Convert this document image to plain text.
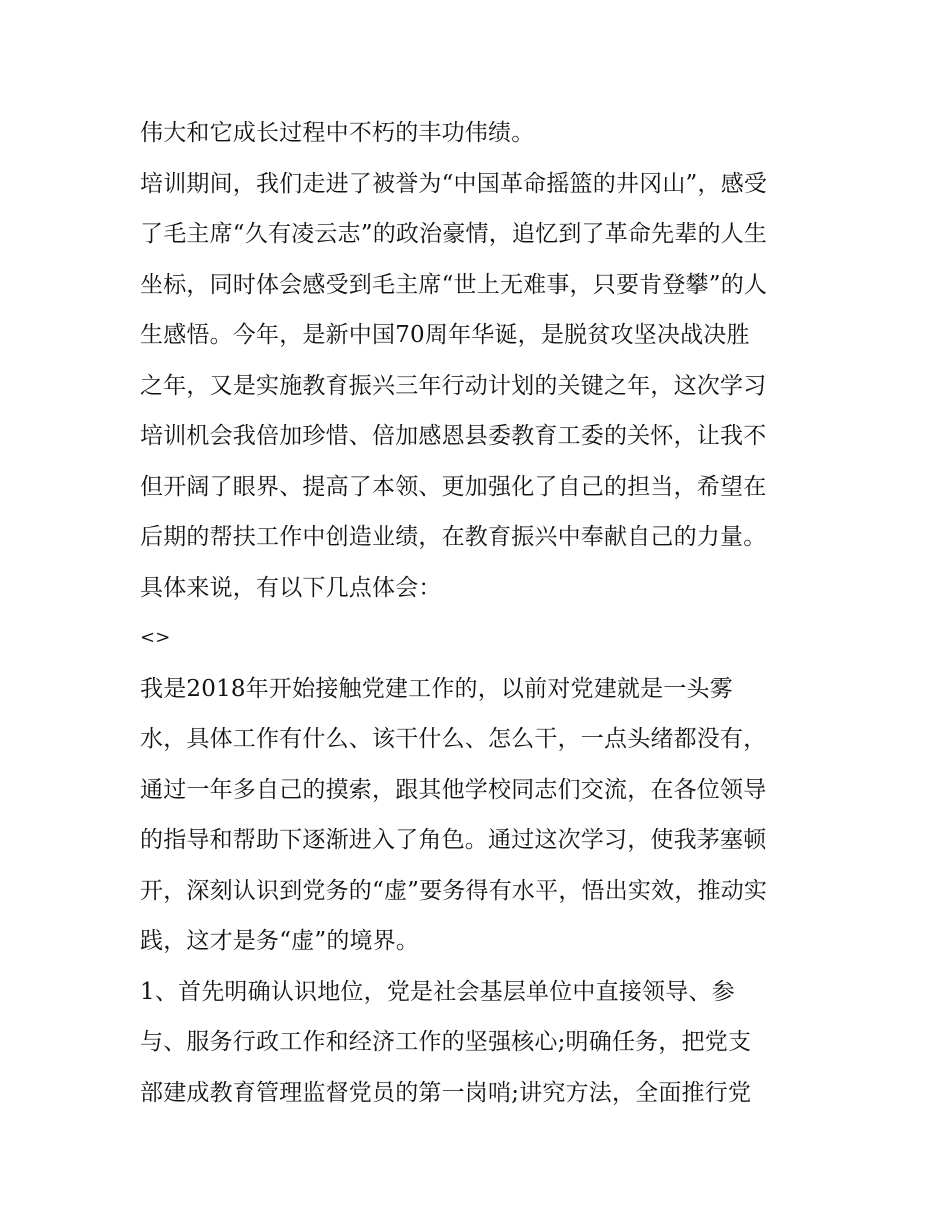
伟大和它成长过程中不朽的丰功伟绩。
培训期间，我们走进了被誉为“中国革命摇篮的井冈山”，感受
了毛主席“久有凌云志”的政治豪情，追忆到了革命先辈的人生
坐标，同时体会感受到毛主席“世上无难事，只要肯登攀”的人
生感悟。今年，是新中国70周年华诞，是脱贫攻坚决战决胜
之年，又是实施教育振兴三年行动计划的关键之年，这次学习
培训机会我倍加珍惜、倍加感恩县委教育工委的关怀，让我不
但开阔了眼界、提高了本领、更加强化了自己的担当，希望在
后期的帮扶工作中创造业绩，在教育振兴中奉献自己的力量。
具体来说，有以下几点体会：
<>
我是2018年开始接触党建工作的，以前对党建就是一头雾
水，具体工作有什么、该干什么、怎么干，一点头绪都没有，
通过一年多自己的摸索，跟其他学校同志们交流，在各位领导
的指导和帮助下逐渐进入了角色。通过这次学习，使我茅塞顿
开，深刻认识到党务的“虚”要务得有水平，悟出实效，推动实
践，这才是务“虚”的境界。
1、首先明确认识地位，党是社会基层单位中直接领导、参
与、服务行政工作和经济工作的坚强核心;明确任务，把党支
部建成教育管理监督党员的第一岗哨;讲究方法，全面推行党
